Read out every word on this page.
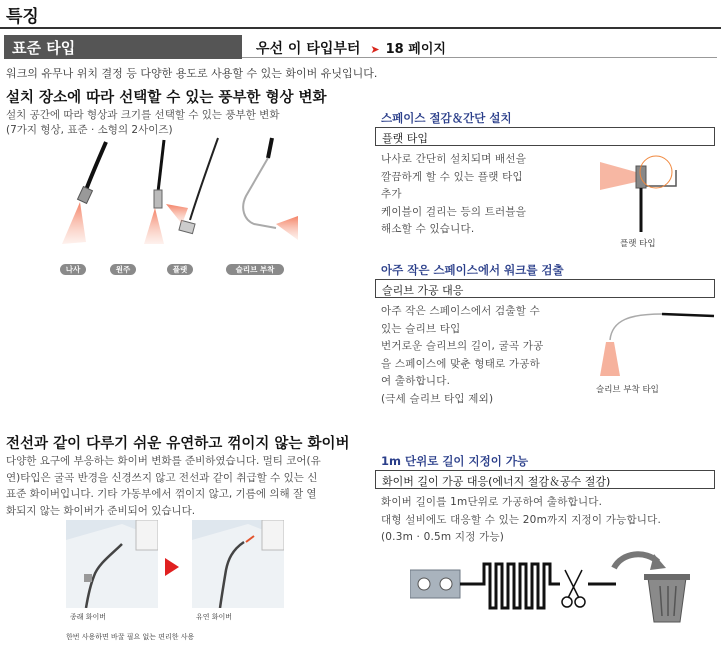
특징
표준 타입	우선 이 타입부터 ➤ 18 페이지
워크의 유무나 위치 결정 등 다양한 용도로 사용할 수 있는 화이버 유닛입니다.
설치 장소에 따라 선택할 수 있는 풍부한 형상 변화
설치 공간에 따라 형상과 크기를 선택할 수 있는 풍부한 변화
(7가지 형상, 표준 · 소형의 2사이즈)
나사	원주	플랫	슬리브 부착
스페이스 절감＆간단 설치
플랫 타입
나사로 간단히 설치되며 배선을
깔끔하게 할 수 있는 플랫 타입
추가
케이블이 걸리는 등의 트러블을
해소할 수 있습니다.
플랫 타입
아주 작은 스페이스에서 워크를 검출
슬리브 가공 대응
아주 작은 스페이스에서 검출할 수
있는 슬리브 타입
번거로운 슬리브의 길이, 굴곡 가공
을 스페이스에 맞춘 형태로 가공하
여 출하합니다.
(극세 슬리브 타입 제외)
슬리브 부착 타입
전선과 같이 다루기 쉬운 유연하고 꺾이지 않는 화이버
다양한 요구에 부응하는 화이버 변화를 준비하였습니다. 멀티 코어(유
연)타입은 굴곡 반경을 신경쓰지 않고 전선과 같이 취급할 수 있는 신
표준 화이버입니다. 기타 가동부에서 꺾이지 않고, 기름에 의해 잘 열
화되지 않는 화이버가 준비되어 있습니다.
종래 화이버	유연 화이버
한번 사용하면 바꿀 필요 없는 편리한 사용
1m 단위로 길이 지정이 가능
화이버 길이 가공 대응(에너지 절감＆공수 절감)
화이버 길이를 1m단위로 가공하여 출하합니다.
대형 설비에도 대응할 수 있는 20m까지 지정이 가능합니다.
(0.3m · 0.5m 지정 가능)
